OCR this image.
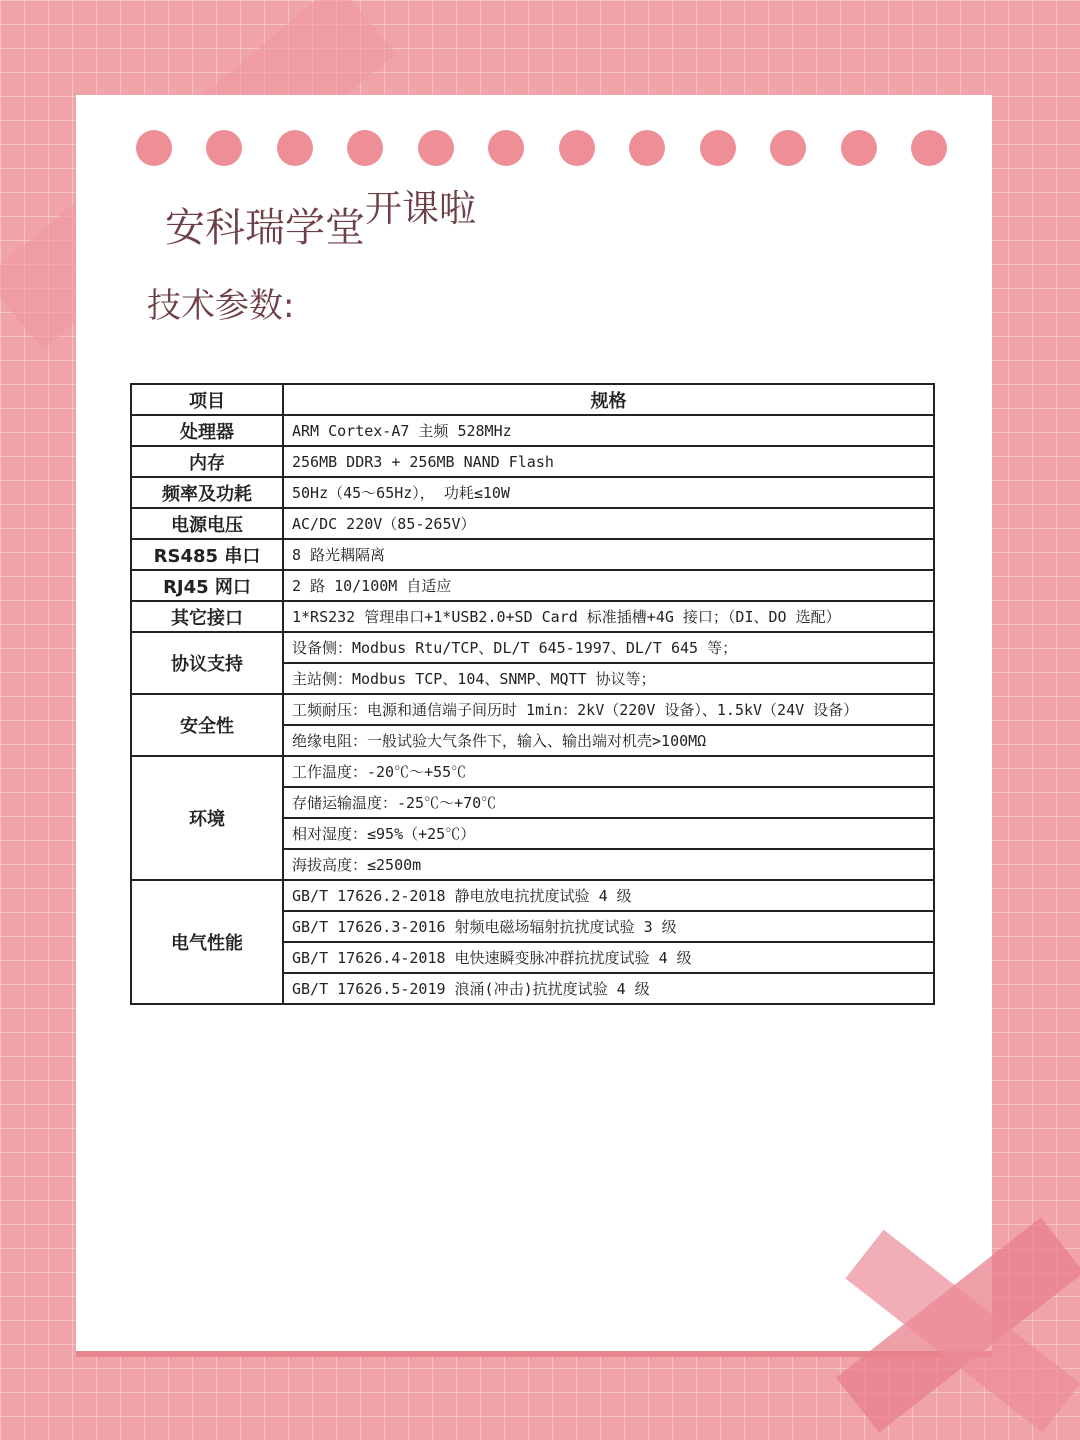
安科瑞学堂开课啦
技术参数:
项目	规格
处理器	ARM Cortex-A7 主频 528MHz
内存	256MB DDR3 + 256MB NAND Flash
频率及功耗	50Hz（45～65Hz）， 功耗≤10W
电源电压	AC/DC 220V（85-265V）
RS485 串口	8 路光耦隔离
RJ45 网口	2 路 10/100M 自适应
其它接口	1*RS232 管理串口+1*USB2.0+SD Card 标准插槽+4G 接口；（DI、DO 选配）
协议支持	设备侧：Modbus Rtu/TCP、DL/T 645-1997、DL/T 645 等；
	主站侧：Modbus TCP、104、SNMP、MQTT 协议等；
安全性	工频耐压：电源和通信端子间历时 1min：2kV（220V 设备）、1.5kV（24V 设备）
	绝缘电阻：一般试验大气条件下，输入、输出端对机壳>100MΩ
环境	工作温度：-20℃～+55℃
	存储运输温度：-25℃～+70℃
	相对湿度：≤95%（+25℃）
	海拔高度：≤2500m
电气性能	GB/T 17626.2-2018 静电放电抗扰度试验 4 级
	GB/T 17626.3-2016 射频电磁场辐射抗扰度试验 3 级
	GB/T 17626.4-2018 电快速瞬变脉冲群抗扰度试验 4 级
	GB/T 17626.5-2019 浪涌(冲击)抗扰度试验 4 级
